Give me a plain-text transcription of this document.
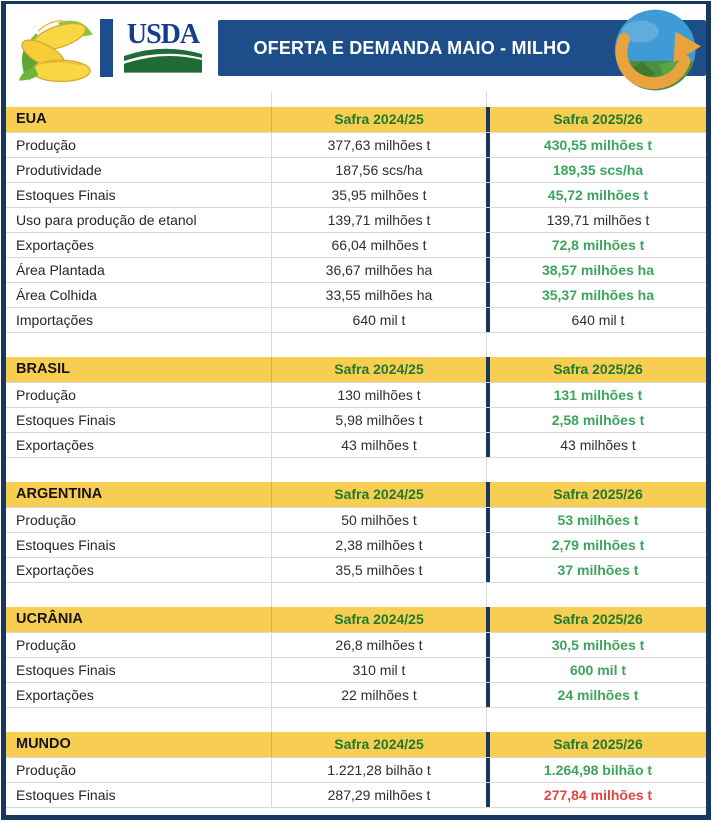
USDA	OFERTA E DEMANDA MAIO - MILHO
EUA	Safra 2024/25	Safra 2025/26
Produção	377,63 milhões t	430,55 milhões t
Produtividade	187,56 scs/ha	189,35 scs/ha
Estoques Finais	35,95 milhões t	45,72 milhões t
Uso para produção de etanol	139,71 milhões t	139,71 milhões t
Exportações	66,04 milhões t	72,8 milhões t
Área Plantada	36,67 milhões ha	38,57 milhões ha
Área Colhida	33,55 milhões ha	35,37 milhões ha
Importações	640 mil t	640 mil t
BRASIL	Safra 2024/25	Safra 2025/26
Produção	130 milhões t	131 milhões t
Estoques Finais	5,98 milhões t	2,58 milhões t
Exportações	43 milhões t	43 milhões t
ARGENTINA	Safra 2024/25	Safra 2025/26
Produção	50 milhões t	53 milhões t
Estoques Finais	2,38 milhões t	2,79 milhões t
Exportações	35,5 milhões t	37 milhões t
UCRÂNIA	Safra 2024/25	Safra 2025/26
Produção	26,8 milhões t	30,5 milhões t
Estoques Finais	310 mil t	600 mil t
Exportações	22 milhões t	24 milhões t
MUNDO	Safra 2024/25	Safra 2025/26
Produção	1.221,28 bilhão t	1.264,98 bilhão t
Estoques Finais	287,29 milhões t	277,84 milhões t
